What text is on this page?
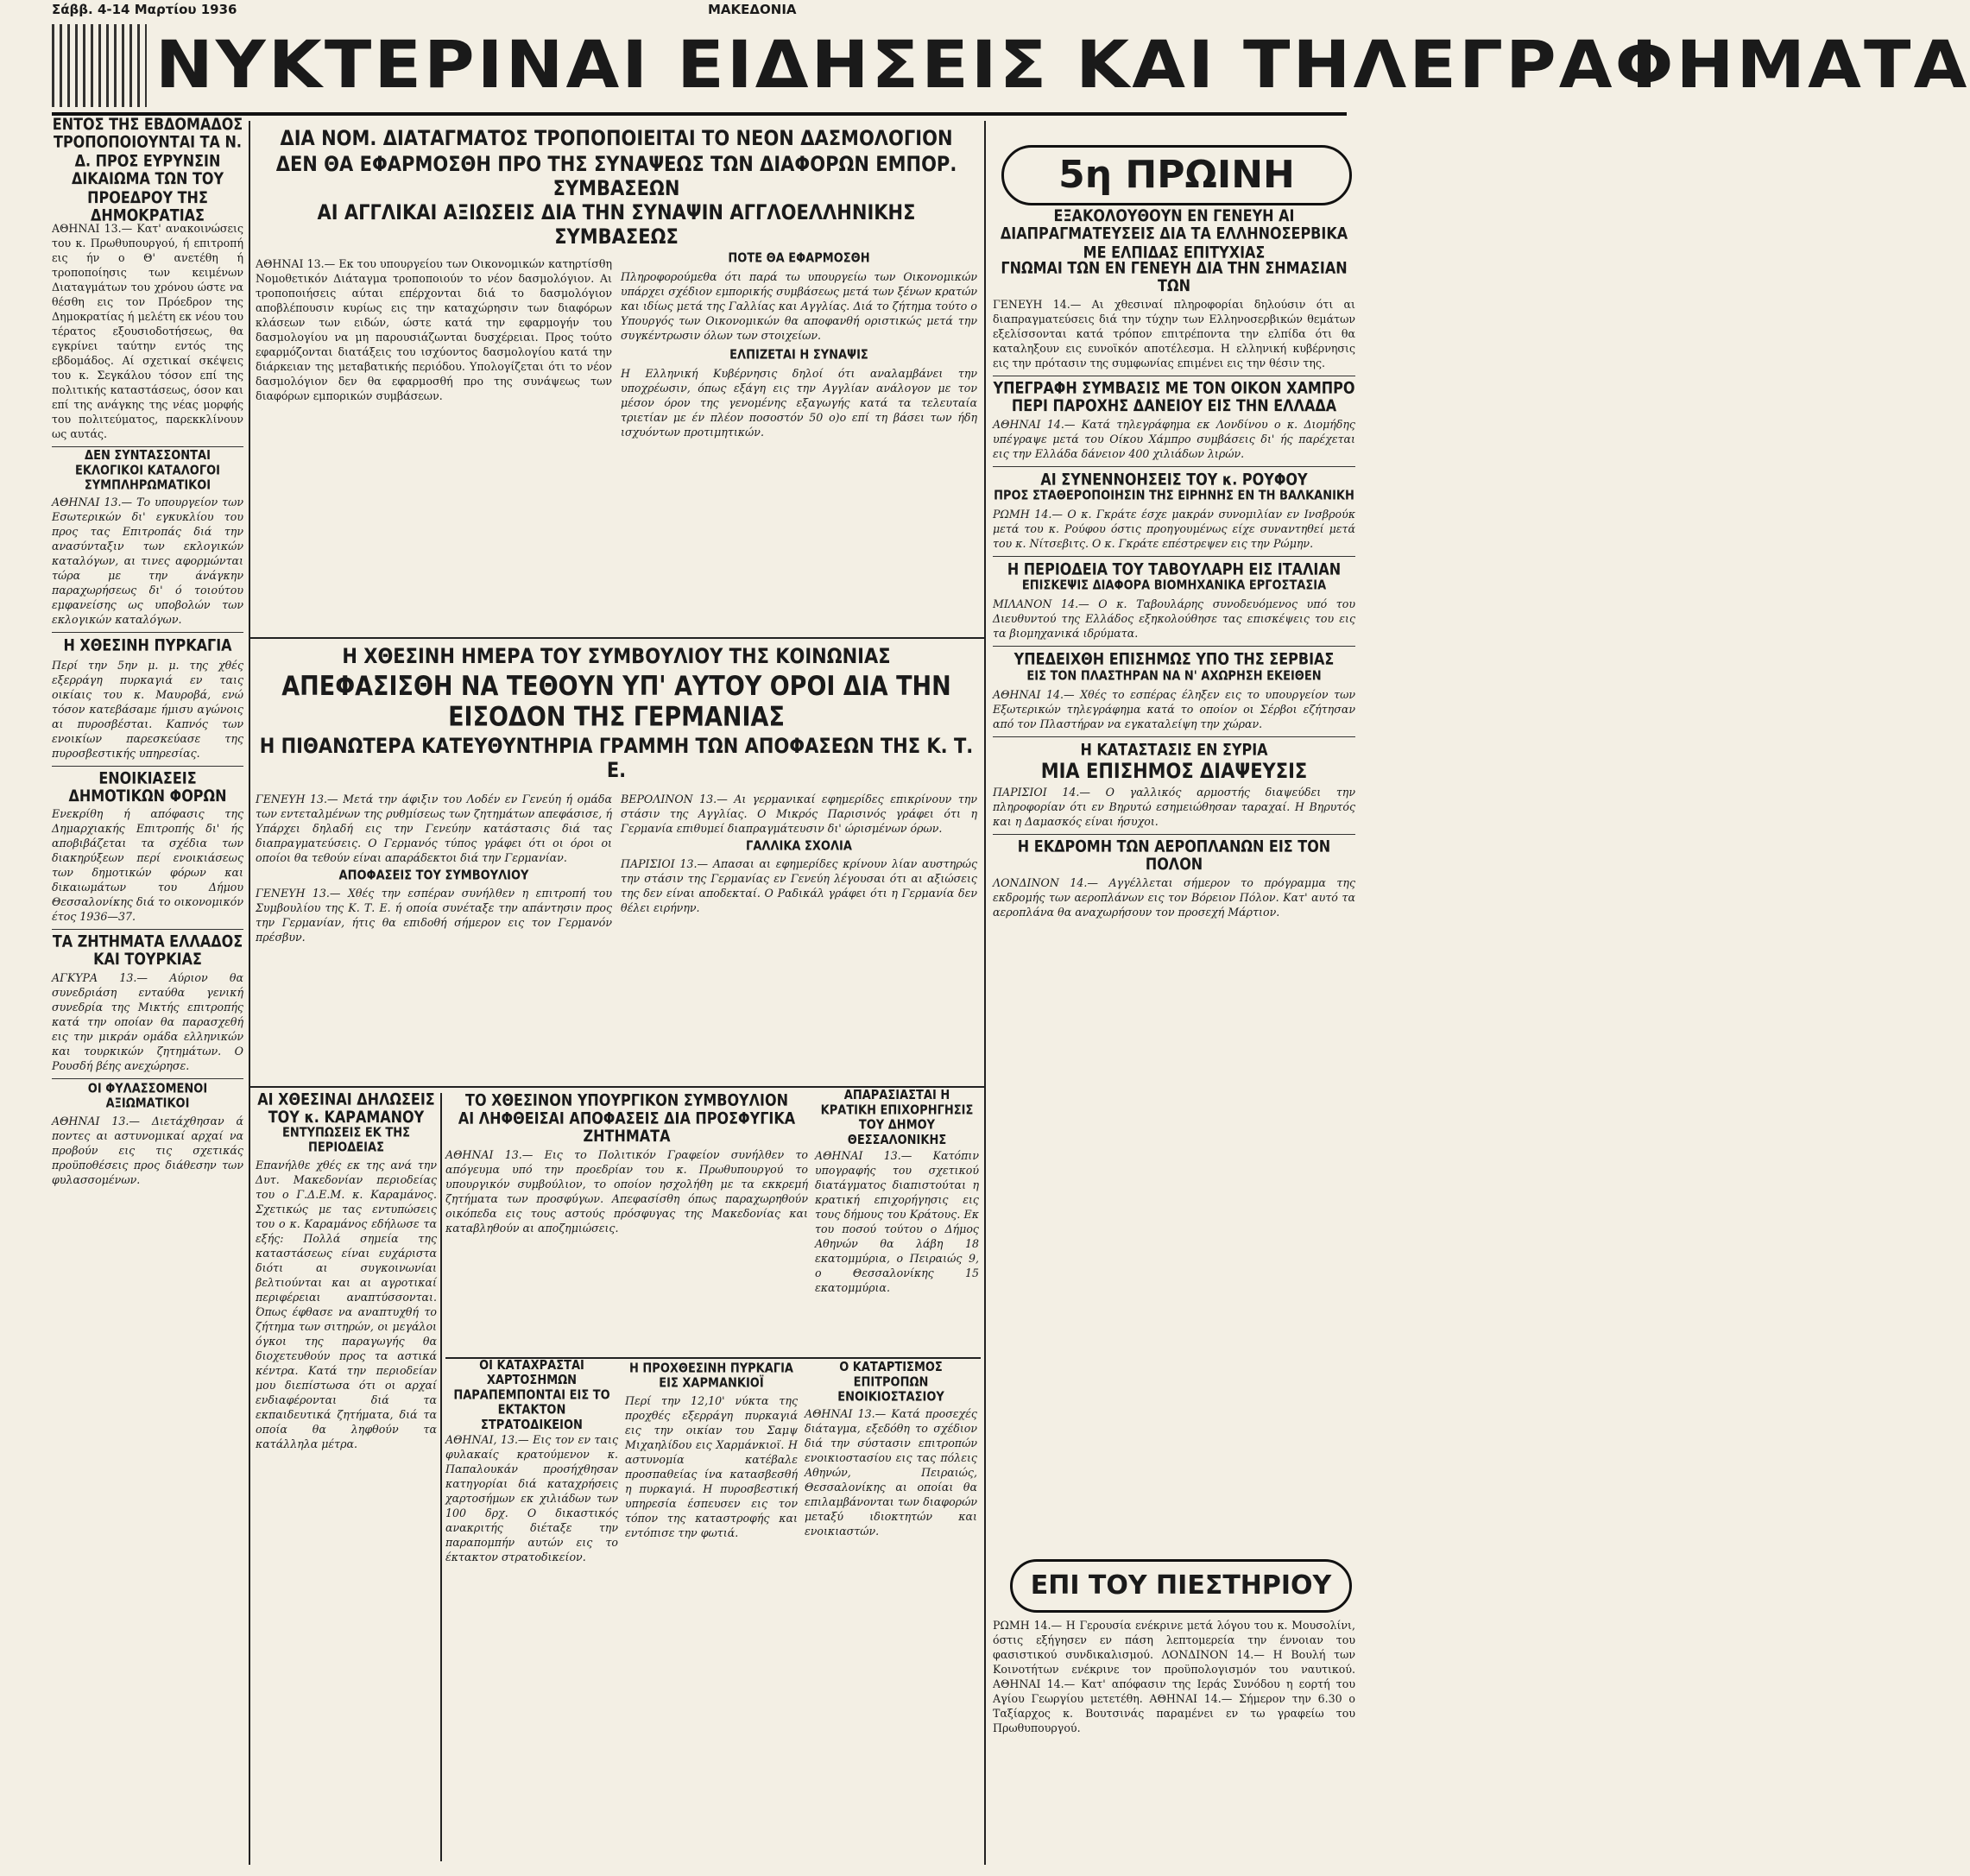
Σάββ. 4-14 Μαρτίου 1936	ΜΑΚΕΔΟΝΙΑ
ΝΥΚΤΕΡΙΝΑΙ ΕΙΔΗΣΕΙΣ ΚΑΙ ΤΗΛΕΓΡΑΦΗΜΑΤΑ

ΕΝΤΟΣ ΤΗΣ ΕΒΔΟΜΑΔΟΣ ΤΡΟΠΟΠΟΙΟΥΝΤΑΙ ΤΑ Ν. Δ. ΠΡΟΣ ΕΥΡΥΝΣΙΝ ΔΙΚΑΙΩΜΑ ΤΩΝ ΤΟΥ ΠΡΟΕΔΡΟΥ ΤΗΣ ΔΗΜΟΚΡΑΤΙΑΣ

ΑΘΗΝΑΙ 13.— Κατ' ανακοινώσεις του κ. Πρωθυπουργού, ή επιτροπή εις ήν ο Θ' ανετέθη ή τροποποίησις των κειμένων Διαταγμάτων του χρόνου ώστε να θέσθη εις τον Πρόεδρον της Δημοκρατίας ή μελέτη εκ νέου του τέρατος εξουσιοδοτήσεως, θα εγκρίνει ταύτην εντός της εβδομάδος. Αί σχετικαί σκέψεις του κ. Σεγκάλου τόσον επί της πολιτικής καταστάσεως, όσον και επί της ανάγκης της νέας μορφής του πολιτεύματος, παρεκκλίνουν ως αυτάς.

ΔΕΝ ΣΥΝΤΑΣΣΟΝΤΑΙ ΕΚΛΟΓΙΚΟΙ ΚΑΤΑΛΟΓΟΙ ΣΥΜΠΛΗΡΩΜΑΤΙΚΟΙ

ΑΘΗΝΑΙ 13.— Το υπουργείον των Εσωτερικών δι' εγκυκλίου του προς τας Επιτροπάς διά την ανασύνταξιν των εκλογικών καταλόγων, αι τινες αφορμώνται τώρα με την άνάγκην παραχωρήσεως δι' ό τοιούτου εμφανείσης ως υποβολών των εκλογικών καταλόγων.

Η ΧΘΕΣΙΝΗ ΠΥΡΚΑΓΙΑ

Περί την 5ην μ. μ. της χθές εξερράγη πυρκαγιά εν ταις οικίαις του κ. Μαυροβά, ενώ τόσον κατεβάσαμε ήμισυ αγώνοις αι πυροσβέσται. Καπνός των ενοικίων παρεσκεύασε της πυροσβεστικής υπηρεσίας.

ΕΝΟΙΚΙΑΣΕΙΣ ΔΗΜΟΤΙΚΩΝ ΦΟΡΩΝ

Ενεκρίθη ή απόφασις της Δημαρχιακής Επιτροπής δι' ής αποβιβάζεται τα σχέδια των διακηρύξεων περί ενοικιάσεως των δημοτικών φόρων και δικαιωμάτων του Δήμου Θεσσαλονίκης διά το οικονομικόν έτος 1936—37.

ΤΑ ΖΗΤΗΜΑΤΑ ΕΛΛΑΔΟΣ ΚΑΙ ΤΟΥΡΚΙΑΣ

ΑΓΚΥΡΑ 13.— Αύριον θα συνεδριάση ενταύθα γενική συνεδρία της Μικτής επιτροπής κατά την οποίαν θα παρασχεθή εις την μικράν ομάδα ελληνικών και τουρκικών ζητημάτων. Ο Ρουσδή βέης ανεχώρησε.

ΟΙ ΦΥΛΑΣΣΟΜΕΝΟΙ ΑΞΙΩΜΑΤΙΚΟΙ

ΑΘΗΝΑΙ 13.— Διετάχθησαν ά ποντες αι αστυνομικαί αρχαί να προβούν εις τις σχετικάς προϋποθέσεις προς διάθεσην των φυλασσομένων.

ΔΙΑ ΝΟΜ. ΔΙΑΤΑΓΜΑΤΟΣ ΤΡΟΠΟΠΟΙΕΙΤΑΙ ΤΟ ΝΕΟΝ ΔΑΣΜΟΛΟΓΙΟΝ

ΔΕΝ ΘΑ ΕΦΑΡΜΟΣΘΗ ΠΡΟ ΤΗΣ ΣΥΝΑΨΕΩΣ ΤΩΝ ΔΙΑΦΟΡΩΝ ΕΜΠΟΡ. ΣΥΜΒΑΣΕΩΝ

ΑΙ ΑΓΓΛΙΚΑΙ ΑΞΙΩΣΕΙΣ ΔΙΑ ΤΗΝ ΣΥΝΑΨΙΝ ΑΓΓΛΟΕΛΛΗΝΙΚΗΣ ΣΥΜΒΑΣΕΩΣ

ΑΘΗΝΑΙ 13.— Εκ του υπουργείου των Οικονομικών κατηρτίσθη Νομοθετικόν Διάταγμα τροποποιούν το νέον δασμολόγιον. Αι τροποποιήσεις αύται επέρχονται διά το δασμολόγιον αποβλέπουσιν κυρίως εις την καταχώρησιν των διαφόρων κλάσεων των ειδών, ώστε κατά την εφαρμογήν του δασμολογίου να μη παρουσιάζωνται δυσχέρειαι. Προς τούτο εφαρμόζονται διατάξεις του ισχύοντος δασμολογίου κατά την διάρκειαν της μεταβατικής περιόδου. Υπολογίζεται ότι το νέον δασμολόγιον δεν θα εφαρμοσθή προ της συνάψεως των διαφόρων εμπορικών συμβάσεων.

ΠΟΤΕ ΘΑ ΕΦΑΡΜΟΣΘΗ

Πληροφορούμεθα ότι παρά τω υπουργείω των Οικονομικών υπάρχει σχέδιον εμπορικής συμβάσεως μετά των ξένων κρατών και ιδίως μετά της Γαλλίας και Αγγλίας. Διά το ζήτημα τούτο ο Υπουργός των Οικονομικών θα αποφανθή οριστικώς μετά την συγκέντρωσιν όλων των στοιχείων.

ΕΛΠΙΖΕΤΑΙ Η ΣΥΝΑΨΙΣ

Η Ελληνική Κυβέρνησις δηλοί ότι αναλαμβάνει την υποχρέωσιν, όπως εξάγη εις την Αγγλίαν ανάλογον με τον μέσον όρον της γενομένης εξαγωγής κατά τα τελευταία τριετίαν με έν πλέον ποσοστόν 50 ο)ο επί τη βάσει των ήδη ισχυόντων προτιμητικών.

Η ΧΘΕΣΙΝΗ ΗΜΕΡΑ ΤΟΥ ΣΥΜΒΟΥΛΙΟΥ ΤΗΣ ΚΟΙΝΩΝΙΑΣ

ΑΠΕΦΑΣΙΣΘΗ ΝΑ ΤΕΘΟΥΝ ΥΠ' ΑΥΤΟΥ ΟΡΟΙ ΔΙΑ ΤΗΝ ΕΙΣΟΔΟΝ ΤΗΣ ΓΕΡΜΑΝΙΑΣ

Η ΠΙΘΑΝΩΤΕΡΑ ΚΑΤΕΥΘΥΝΤΗΡΙΑ ΓΡΑΜΜΗ ΤΩΝ ΑΠΟΦΑΣΕΩΝ ΤΗΣ Κ. Τ. Ε.

ΓΕΝΕΥΗ 13.— Μετά την άφιξιν του Λοδέν εν Γενεύη ή ομάδα των εντεταλμένων της ρυθμίσεως των ζητημάτων απεφάσισε, ή Υπάρχει δηλαδή εις την Γενεύην κατάστασις διά τας διαπραγματεύσεις. Ο Γερμανός τύπος γράφει ότι οι όροι οι οποίοι θα τεθούν είναι απαράδεκτοι διά την Γερμανίαν.

ΑΠΟΦΑΣΕΙΣ ΤΟΥ ΣΥΜΒΟΥΛΙΟΥ

ΓΕΝΕΥΗ 13.— Χθές την εσπέραν συνήλθεν η επιτροπή του Συμβουλίου της Κ. Τ. Ε. ή οποία συνέταξε την απάντησιν προς την Γερμανίαν, ήτις θα επιδοθή σήμερον εις τον Γερμανόν πρέσβυν.

ΒΕΡΟΛΙΝΟΝ 13.— Αι γερμανικαί εφημερίδες επικρίνουν την στάσιν της Αγγλίας. Ο Μικρός Παρισινός γράφει ότι η Γερμανία επιθυμεί διαπραγμάτευσιν δι' ώρισμένων όρων.

ΓΑΛΛΙΚΑ ΣΧΟΛΙΑ

ΠΑΡΙΣΙΟΙ 13.— Απασαι αι εφημερίδες κρίνουν λίαν αυστηρώς την στάσιν της Γερμανίας εν Γενεύη λέγουσαι ότι αι αξιώσεις της δεν είναι αποδεκταί. Ο Ραδικάλ γράφει ότι η Γερμανία δεν θέλει ειρήνην.

ΑΙ ΧΘΕΣΙΝΑΙ ΔΗΛΩΣΕΙΣ ΤΟΥ κ. ΚΑΡΑΜΑΝΟΥ

ΕΝΤΥΠΩΣΕΙΣ ΕΚ ΤΗΣ ΠΕΡΙΟΔΕΙΑΣ

Επανήλθε χθές εκ της ανά την Δυτ. Μακεδονίαν περιοδείας του ο Γ.Δ.Ε.Μ. κ. Καραμάνος. Σχετικώς με τας εντυπώσεις του ο κ. Καραμάνος εδήλωσε τα εξής: Πολλά σημεία της καταστάσεως είναι ευχάριστα διότι αι συγκοινωνίαι βελτιούνται και αι αγροτικαί περιφέρειαι αναπτύσσονται. Όπως έφθασε να αναπτυχθή το ζήτημα των σιτηρών, οι μεγάλοι όγκοι της παραγωγής θα διοχετευθούν προς τα αστικά κέντρα. Κατά την περιοδείαν μου διεπίστωσα ότι οι αρχαί ενδιαφέρονται διά τα εκπαιδευτικά ζητήματα, διά τα οποία θα ληφθούν τα κατάλληλα μέτρα.

ΤΟ ΧΘΕΣΙΝΟΝ ΥΠΟΥΡΓΙΚΟΝ ΣΥΜΒΟΥΛΙΟΝ

ΑΙ ΛΗΦΘΕΙΣΑΙ ΑΠΟΦΑΣΕΙΣ ΔΙΑ ΠΡΟΣΦΥΓΙΚΑ ΖΗΤΗΜΑΤΑ

ΑΘΗΝΑΙ 13.— Εις το Πολιτικόν Γραφείον συνήλθεν το απόγευμα υπό την προεδρίαν του κ. Πρωθυπουργού το υπουργικόν συμβούλιον, το οποίον ησχολήθη με τα εκκρεμή ζητήματα των προσφύγων. Απεφασίσθη όπως παραχωρηθούν οικόπεδα εις τους αστούς πρόσφυγας της Μακεδονίας και καταβληθούν αι αποζημιώσεις.

ΑΠΑΡΑΣΙΑΣΤΑΙ Η ΚΡΑΤΙΚΗ ΕΠΙΧΟΡΗΓΗΣΙΣ ΤΟΥ ΔΗΜΟΥ ΘΕΣΣΑΛΟΝΙΚΗΣ

ΑΘΗΝΑΙ 13.— Κατόπιν υπογραφής του σχετικού διατάγματος διαπιστούται η κρατική επιχορήγησις εις τους δήμους του Κράτους. Εκ του ποσού τούτου ο Δήμος Αθηνών θα λάβη 18 εκατομμύρια, ο Πειραιώς 9, ο Θεσσαλονίκης 15 εκατομμύρια.

ΟΙ ΚΑΤΑΧΡΑΣΤΑΙ ΧΑΡΤΟΣΗΜΩΝ ΠΑΡΑΠΕΜΠΟΝΤΑΙ ΕΙΣ ΤΟ ΕΚΤΑΚΤΟΝ ΣΤΡΑΤΟΔΙΚΕΙΟΝ

ΑΘΗΝΑΙ, 13.— Εις τον εν ταις φυλακαίς κρατούμενον κ. Παπαλουκάν προσήχθησαν κατηγορίαι διά καταχρήσεις χαρτοσήμων εκ χιλιάδων των 100 δρχ. Ο δικαστικός ανακριτής διέταξε την παραπομπήν αυτών εις το έκτακτον στρατοδικείον.

Η ΠΡΟΧΘΕΣΙΝΗ ΠΥΡΚΑΓΙΑ ΕΙΣ ΧΑΡΜΑΝΚΙΟΪ

Περί την 12,10' νύκτα της προχθές εξερράγη πυρκαγιά εις την οικίαν του Σαμψ Μιχαηλίδου εις Χαρμάνκιοϊ. Η αστυνομία κατέβαλε προσπαθείας ίνα κατασβεσθή η πυρκαγιά. Η πυροσβεστική υπηρεσία έσπευσεν εις τον τόπον της καταστροφής και εντόπισε την φωτιά.

Ο ΚΑΤΑΡΤΙΣΜΟΣ ΕΠΙΤΡΟΠΩΝ ΕΝΟΙΚΙΟΣΤΑΣΙΟΥ

ΑΘΗΝΑΙ 13.— Κατά προσεχές διάταγμα, εξεδόθη το σχέδιον διά την σύστασιν επιτροπών ενοικιοστασίου εις τας πόλεις Αθηνών, Πειραιώς, Θεσσαλονίκης αι οποίαι θα επιλαμβάνονται των διαφορών μεταξύ ιδιοκτητών και ενοικιαστών.

5η ΠΡΩΙΝΗ

ΕΞΑΚΟΛΟΥΘΟΥΝ ΕΝ ΓΕΝΕΥΗ ΑΙ ΔΙΑΠΡΑΓΜΑΤΕΥΣΕΙΣ ΔΙΑ ΤΑ ΕΛΛΗΝΟΣΕΡΒΙΚΑ ΜΕ ΕΛΠΙΔΑΣ ΕΠΙΤΥΧΙΑΣ

ΓΝΩΜΑΙ ΤΩΝ ΕΝ ΓΕΝΕΥΗ ΔΙΑ ΤΗΝ ΣΗΜΑΣΙΑΝ ΤΩΝ

ΓΕΝΕΥΗ 14.— Αι χθεσιναί πληροφορίαι δηλούσιν ότι αι διαπραγματεύσεις διά την τύχην των Ελληνοσερβικών θεμάτων εξελίσσονται κατά τρόπον επιτρέποντα την ελπίδα ότι θα καταληξουν εις ευνοϊκόν αποτέλεσμα. Η ελληνική κυβέρνησις εις την πρότασιν της συμφωνίας επιμένει εις την θέσιν της.

ΥΠΕΓΡΑΦΗ ΣΥΜΒΑΣΙΣ ΜΕ ΤΟΝ ΟΙΚΟΝ ΧΑΜΠΡΟ ΠΕΡΙ ΠΑΡΟΧΗΣ ΔΑΝΕΙΟΥ ΕΙΣ ΤΗΝ ΕΛΛΑΔΑ

ΑΘΗΝΑΙ 14.— Κατά τηλεγράφημα εκ Λονδίνου ο κ. Διομήδης υπέγραψε μετά του Οίκου Χάμπρο συμβάσεις δι' ής παρέχεται εις την Ελλάδα δάνειον 400 χιλιάδων λιρών.

ΑΙ ΣΥΝΕΝΝΟΗΣΕΙΣ ΤΟΥ κ. ΡΟΥΦΟΥ

ΠΡΟΣ ΣΤΑΘΕΡΟΠΟΙΗΣΙΝ ΤΗΣ ΕΙΡΗΝΗΣ ΕΝ ΤΗ ΒΑΛΚΑΝΙΚΗ

ΡΩΜΗ 14.— Ο κ. Γκράτε έσχε μακράν συνομιλίαν εν Ινσβρούκ μετά του κ. Ρούφου όστις προηγουμένως είχε συναντηθεί μετά του κ. Νίτσεβιτς. Ο κ. Γκράτε επέστρεψεν εις την Ρώμην.

Η ΠΕΡΙΟΔΕΙΑ ΤΟΥ ΤΑΒΟΥΛΑΡΗ ΕΙΣ ΙΤΑΛΙΑΝ

ΕΠΙΣΚΕΨΙΣ ΔΙΑΦΟΡΑ ΒΙΟΜΗΧΑΝΙΚΑ ΕΡΓΟΣΤΑΣΙΑ

ΜΙΛΑΝΟΝ 14.— Ο κ. Ταβουλάρης συνοδευόμενος υπό του Διευθυντού της Ελλάδος εξηκολούθησε τας επισκέψεις του εις τα βιομηχανικά ιδρύματα.

ΥΠΕΔΕΙΧΘΗ ΕΠΙΣΗΜΩΣ ΥΠΟ ΤΗΣ ΣΕΡΒΙΑΣ

ΕΙΣ ΤΟΝ ΠΛΑΣΤΗΡΑΝ ΝΑ Ν' ΑΧΩΡΗΣΗ ΕΚΕΙΘΕΝ

ΑΘΗΝΑΙ 14.— Χθές το εσπέρας έληξεν εις το υπουργείον των Εξωτερικών τηλεγράφημα κατά το οποίον οι Σέρβοι εζήτησαν από τον Πλαστήραν να εγκαταλείψη την χώραν.

Η ΚΑΤΑΣΤΑΣΙΣ ΕΝ ΣΥΡΙΑ

ΜΙΑ ΕΠΙΣΗΜΟΣ ΔΙΑΨΕΥΣΙΣ

ΠΑΡΙΣΙΟΙ 14.— Ο γαλλικός αρμοστής διαψεύδει την πληροφορίαν ότι εν Βηρυτώ εσημειώθησαν ταραχαί. Η Βηρυτός και η Δαμασκός είναι ήσυχοι.

Η ΕΚΔΡΟΜΗ ΤΩΝ ΑΕΡΟΠΛΑΝΩΝ ΕΙΣ ΤΟΝ ΠΟΛΟΝ

ΛΟΝΔΙΝΟΝ 14.— Αγγέλλεται σήμερον το πρόγραμμα της εκδρομής των αεροπλάνων εις τον Βόρειον Πόλον. Κατ' αυτό τα αεροπλάνα θα αναχωρήσουν τον προσεχή Μάρτιον.

ΕΠΙ ΤΟΥ ΠΙΕΣΤΗΡΙΟΥ

ΡΩΜΗ 14.— Η Γερουσία ενέκρινε μετά λόγου του κ. Μουσολίνι, όστις εξήγησεν εν πάση λεπτομερεία την έννοιαν του φασιστικού συνδικαλισμού. ΛΟΝΔΙΝΟΝ 14.— Η Βουλή των Κοινοτήτων ενέκρινε τον προϋπολογισμόν του ναυτικού. ΑΘΗΝΑΙ 14.— Κατ' απόφασιν της Ιεράς Συνόδου η εορτή του Αγίου Γεωργίου μετετέθη. ΑΘΗΝΑΙ 14.— Σήμερον την 6.30 ο Ταξίαρχος κ. Βουτσινάς παραμένει εν τω γραφείω του Πρωθυπουργού.
